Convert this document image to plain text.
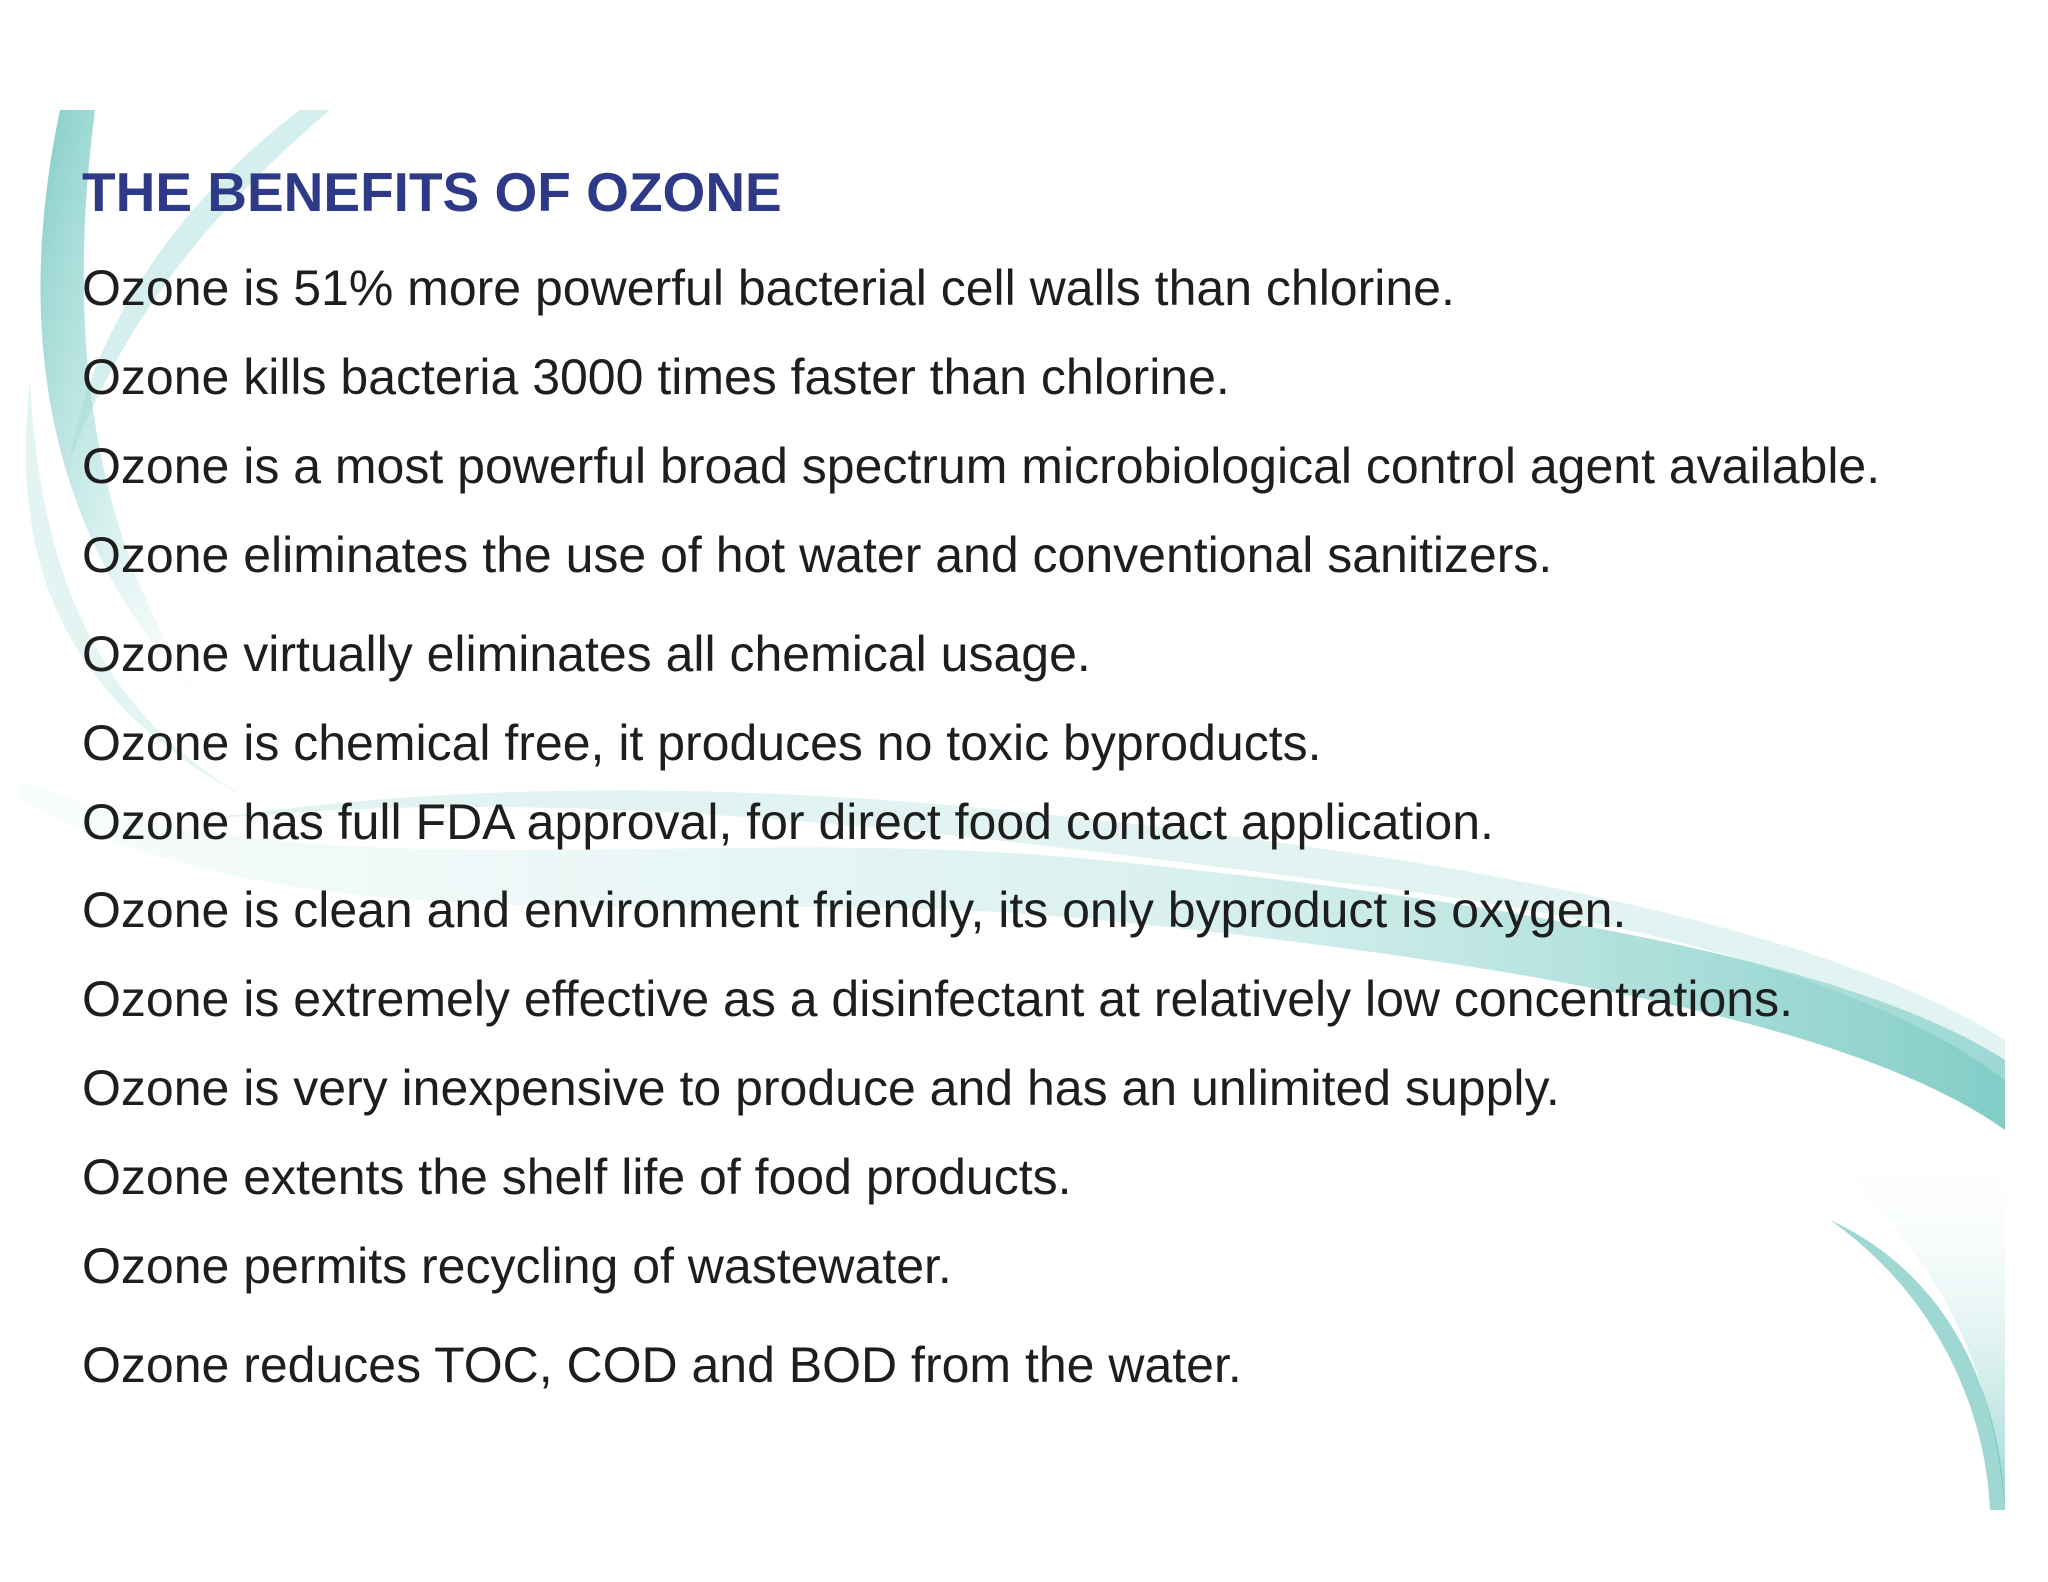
THE BENEFITS OF OZONE

Ozone is 51% more powerful bacterial cell walls than chlorine.

Ozone kills bacteria 3000 times faster than chlorine.

Ozone is a most powerful broad spectrum microbiological control agent available.

Ozone eliminates the use of hot water and conventional sanitizers.

Ozone virtually eliminates all chemical usage.

Ozone is chemical free, it produces no toxic byproducts.

Ozone has full FDA approval, for direct food contact application.

Ozone is clean and environment friendly, its only byproduct is oxygen.

Ozone is extremely effective as a disinfectant at relatively low concentrations.

Ozone is very inexpensive to produce and has an unlimited supply.

Ozone extents the shelf life of food products.

Ozone permits recycling of wastewater.

Ozone reduces TOC, COD and BOD from the water.
